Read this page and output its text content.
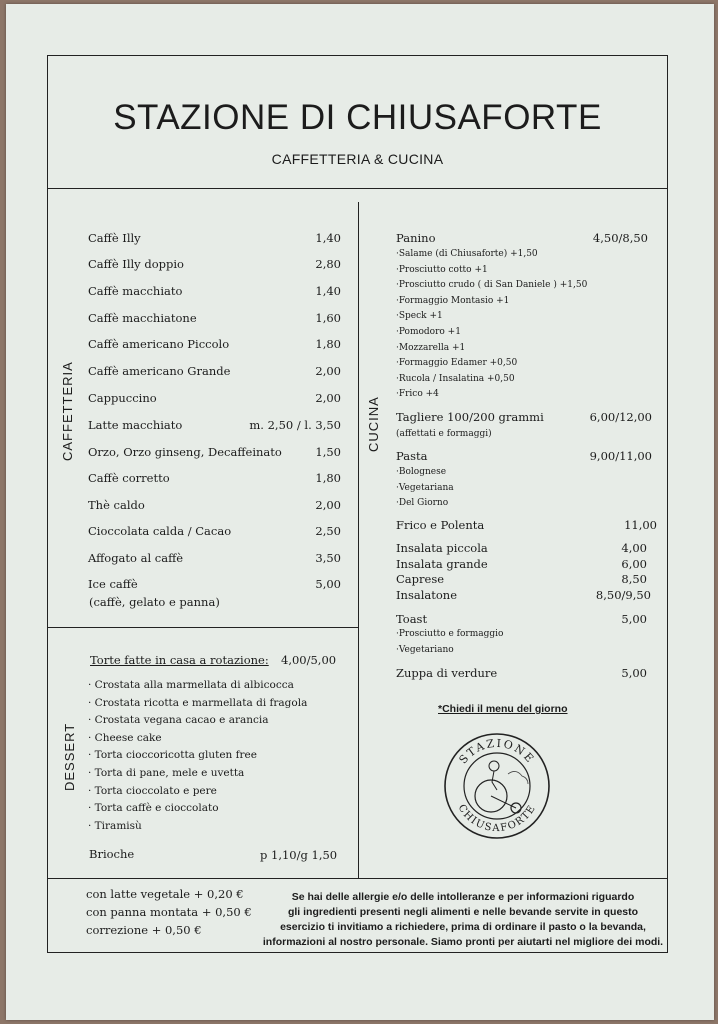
STAZIONE DI CHIUSAFORTE
CAFFETTERIA & CUCINA
CAFFETTERIA
Caffè Illy	1,40
Caffè Illy doppio	2,80
Caffè macchiato	1,40
Caffè macchiatone	1,60
Caffè americano Piccolo	1,80
Caffè americano Grande	2,00
Cappuccino	2,00
Latte macchiato	m. 2,50 / l. 3,50
Orzo, Orzo ginseng, Decaffeinato	1,50
Caffè corretto	1,80
Thè caldo	2,00
Cioccolata calda / Cacao	2,50
Affogato al caffè	3,50
Ice caffè	5,00
(caffè, gelato e panna)
DESSERT
Torte fatte in casa a rotazione: 4,00/5,00
· Crostata alla marmellata di albicocca
· Crostata ricotta e marmellata di fragola
· Crostata vegana cacao e arancia
· Cheese cake
· Torta cioccoricotta gluten free
· Torta di pane, mele e uvetta
· Torta cioccolato e pere
· Torta caffè e cioccolato
· Tiramisù
Brioche	p 1,10/g 1,50
CUCINA
Panino	4,50/8,50
·Salame (di Chiusaforte) +1,50
·Prosciutto cotto +1
·Prosciutto crudo ( di San Daniele ) +1,50
·Formaggio Montasio +1
·Speck +1
·Pomodoro +1
·Mozzarella +1
·Formaggio Edamer +0,50
·Rucola / Insalatina +0,50
·Frico +4
Tagliere 100/200 grammi	6,00/12,00
(affettati e formaggi)
Pasta	9,00/11,00
·Bolognese
·Vegetariana
·Del Giorno
Frico e Polenta	11,00
Insalata piccola	4,00
Insalata grande	6,00
Caprese	8,50
Insalatone	8,50/9,50
Toast	5,00
·Prosciutto e formaggio
·Vegetariano
Zuppa di verdure	5,00
*Chiedi il menu del giorno
STAZIONE
CHIUSAFORTE
con latte vegetale + 0,20 €
con panna montata + 0,50 €
correzione + 0,50 €
Se hai delle allergie e/o delle intolleranze e per informazioni riguardo
gli ingredienti presenti negli alimenti e nelle bevande servite in questo
esercizio ti invitiamo a richiedere, prima di ordinare il pasto o la bevanda,
informazioni al nostro personale. Siamo pronti per aiutarti nel migliore dei modi.
